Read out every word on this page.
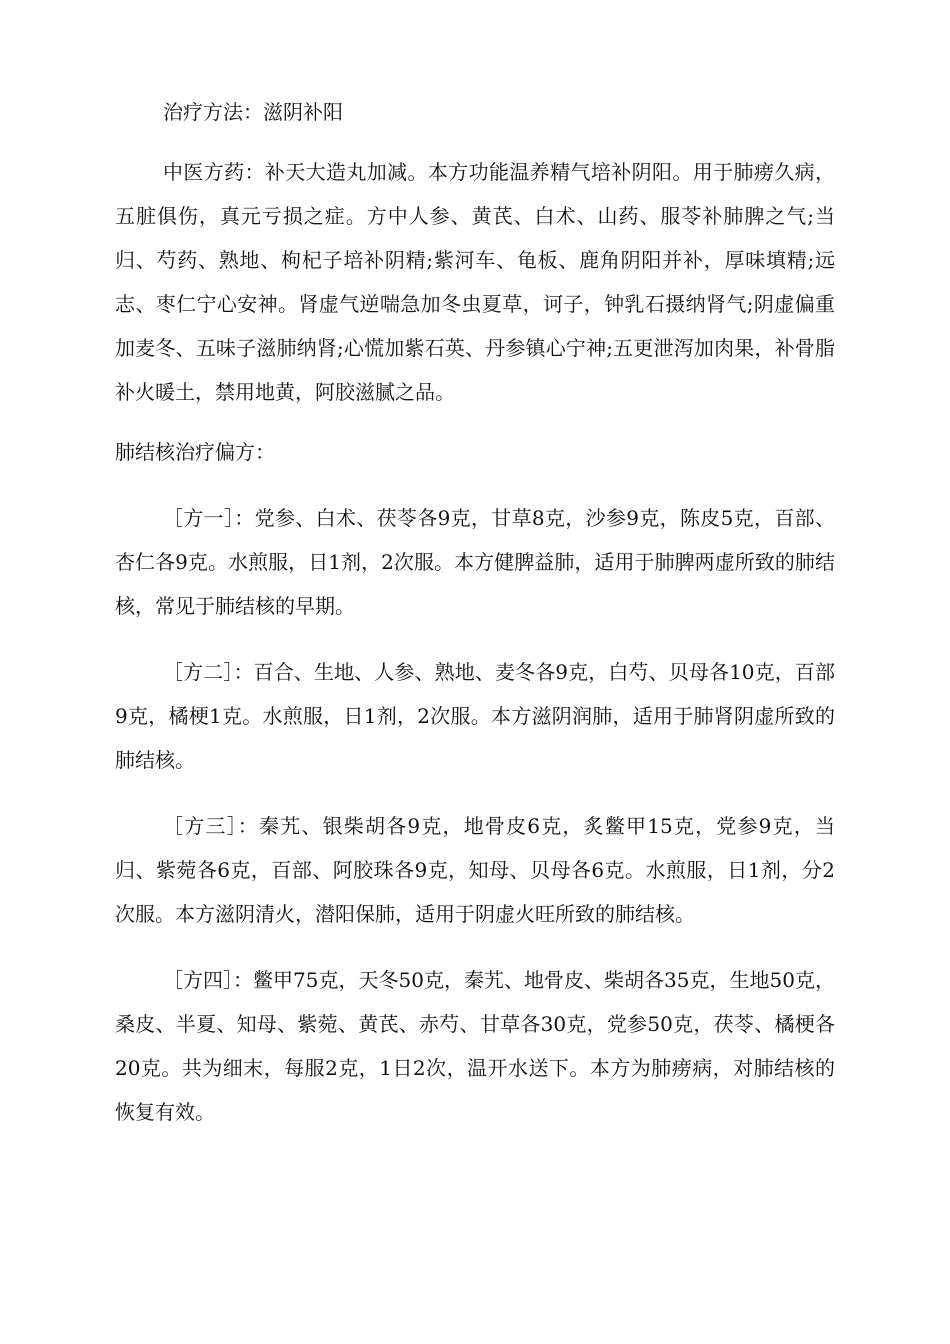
治疗方法：滋阴补阳

中医方药：补天大造丸加减。本方功能温养精气培补阴阳。用于肺痨久病，五脏俱伤，真元亏损之症。方中人参、黄芪、白术、山药、服苓补肺脾之气;当归、芍药、熟地、枸杞子培补阴精;紫河车、龟板、鹿角阴阳并补，厚味填精;远志、枣仁宁心安神。肾虚气逆喘急加冬虫夏草，诃子，钟乳石摄纳肾气;阴虚偏重加麦冬、五味子滋肺纳肾;心慌加紫石英、丹参镇心宁神;五更泄泻加肉果，补骨脂补火暖土，禁用地黄，阿胶滋腻之品。

肺结核治疗偏方：

［方一］：党参、白术、茯苓各9克，甘草8克，沙参9克，陈皮5克，百部、杏仁各9克。水煎服，日1剂，2次服。本方健脾益肺，适用于肺脾两虚所致的肺结核，常见于肺结核的早期。

［方二］：百合、生地、人参、熟地、麦冬各9克，白芍、贝母各10克，百部9克，橘梗1克。水煎服，日1剂，2次服。本方滋阴润肺，适用于肺肾阴虚所致的肺结核。

［方三］：秦艽、银柴胡各9克，地骨皮6克，炙鳖甲15克，党参9克，当归、紫菀各6克，百部、阿胶珠各9克，知母、贝母各6克。水煎服，日1剂，分2次服。本方滋阴清火，潜阳保肺，适用于阴虚火旺所致的肺结核。

［方四］：鳖甲75克，天冬50克，秦艽、地骨皮、柴胡各35克，生地50克，桑皮、半夏、知母、紫菀、黄芪、赤芍、甘草各30克，党参50克，茯苓、橘梗各20克。共为细末，每服2克，1日2次，温开水送下。本方为肺痨病，对肺结核的恢复有效。
